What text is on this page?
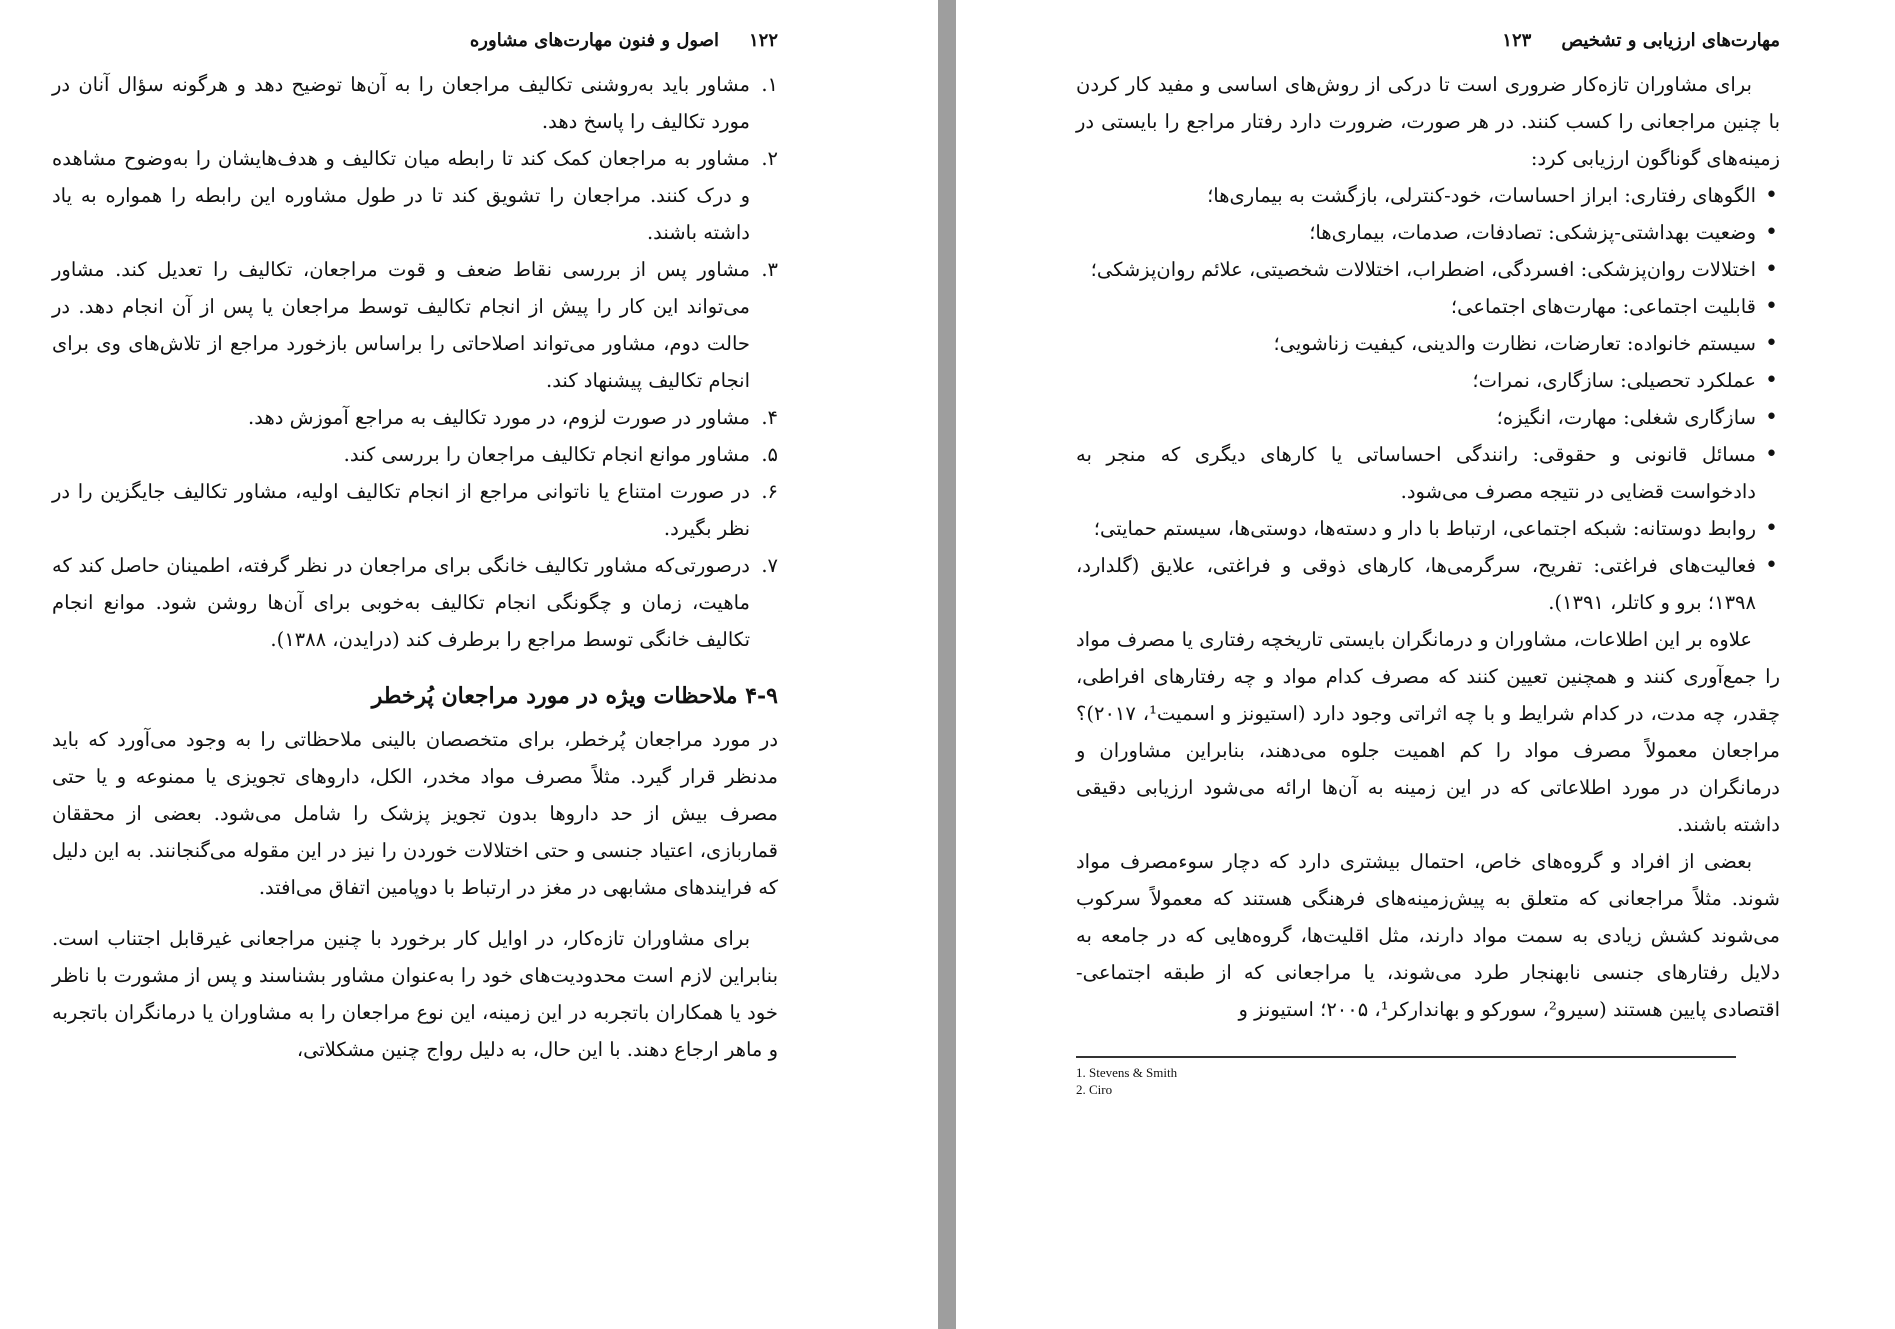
۱۲۲
اصول و فنون مهارت‌های مشاوره

۱.
مشاور باید به‌روشنی تکالیف مراجعان را به آن‌ها توضیح دهد و هرگونه سؤال آنان در مورد تکالیف را پاسخ دهد.

۲.
مشاور به مراجعان کمک کند تا رابطه میان تکالیف و هدف‌هایشان را به‌وضوح مشاهده و درک کنند. مراجعان را تشویق کند تا در طول مشاوره این رابطه را همواره به یاد داشته باشند.

۳.
مشاور پس از بررسی نقاط ضعف و قوت مراجعان، تکالیف را تعدیل کند. مشاور می‌تواند این کار را پیش از انجام تکالیف توسط مراجعان یا پس از آن انجام دهد. در حالت دوم، مشاور می‌تواند اصلاحاتی را براساس بازخورد مراجع از تلاش‌های وی برای انجام تکالیف پیشنهاد کند.

۴.
مشاور در صورت لزوم، در مورد تکالیف به مراجع آموزش دهد.

۵.
مشاور موانع انجام تکالیف مراجعان را بررسی کند.

۶.
در صورت امتناع یا ناتوانی مراجع از انجام تکالیف اولیه، مشاور تکالیف جایگزین را در نظر بگیرد.

۷.
درصورتی‌که مشاور تکالیف خانگی برای مراجعان در نظر گرفته، اطمینان حاصل کند که ماهیت، زمان و چگونگی انجام تکالیف به‌خوبی برای آن‌ها روشن شود. موانع انجام تکالیف خانگی توسط مراجع را برطرف کند (درایدن، ۱۳۸۸).

۴-۹ ملاحظات ویژه در مورد مراجعان پُرخطر

در مورد مراجعان پُرخطر، برای متخصصان بالینی ملاحظاتی را به وجود می‌آورد که باید مدنظر قرار گیرد. مثلاً مصرف مواد مخدر، الکل، داروهای تجویزی یا ممنوعه و یا حتی مصرف بیش از حد داروها بدون تجویز پزشک را شامل می‌شود. بعضی از محققان قماربازی، اعتیاد جنسی و حتی اختلالات خوردن را نیز در این مقوله می‌گنجانند. به این دلیل که فرایندهای مشابهی در مغز در ارتباط با دوپامین اتفاق می‌افتد.

برای مشاوران تازه‌کار، در اوایل کار برخورد با چنین مراجعانی غیرقابل اجتناب است. بنابراین لازم است محدودیت‌های خود را به‌عنوان مشاور بشناسند و پس از مشورت با ناظر خود یا همکاران باتجربه در این زمینه، این نوع مراجعان را به مشاوران یا درمانگران باتجربه و ماهر ارجاع دهند. با این حال، به دلیل رواج چنین مشکلاتی،

مهارت‌های ارزیابی و تشخیص
۱۲۳

برای مشاوران تازه‌کار ضروری است تا درکی از روش‌های اساسی و مفید کار کردن با چنین مراجعانی را کسب کنند. در هر صورت، ضرورت دارد رفتار مراجع را بایستی در زمینه‌های گوناگون ارزیابی کرد:

• الگوهای رفتاری: ابراز احساسات، خود-کنترلی، بازگشت به بیماری‌ها؛

• وضعیت بهداشتی-پزشکی: تصادفات، صدمات، بیماری‌ها؛

• اختلالات روان‌پزشکی: افسردگی، اضطراب، اختلالات شخصیتی، علائم روان‌پزشکی؛

• قابلیت اجتماعی: مهارت‌های اجتماعی؛

• سیستم خانواده: تعارضات، نظارت والدینی، کیفیت زناشویی؛

• عملکرد تحصیلی: سازگاری، نمرات؛

• سازگاری شغلی: مهارت، انگیزه؛

• مسائل قانونی و حقوقی: رانندگی احساساتی یا کارهای دیگری که منجر به دادخواست قضایی در نتیجه مصرف می‌شود.

• روابط دوستانه: شبکه اجتماعی، ارتباط با دار و دسته‌ها، دوستی‌ها، سیستم حمایتی؛

• فعالیت‌های فراغتی: تفریح، سرگرمی‌ها، کارهای ذوقی و فراغتی، علایق (گلدارد، ۱۳۹۸؛ برو و کاتلر، ۱۳۹۱).

علاوه بر این اطلاعات، مشاوران و درمانگران بایستی تاریخچه رفتاری یا مصرف مواد را جمع‌آوری کنند و همچنین تعیین کنند که مصرف کدام مواد و چه رفتارهای افراطی، چقدر، چه مدت، در کدام شرایط و با چه اثراتی وجود دارد (استیونز و اسمیت¹، ۲۰۱۷)؟ مراجعان معمولاً مصرف مواد را کم اهمیت جلوه می‌دهند، بنابراین مشاوران و درمانگران در مورد اطلاعاتی که در این زمینه به آن‌ها ارائه می‌شود ارزیابی دقیقی داشته باشند.

بعضی از افراد و گروه‌های خاص، احتمال بیشتری دارد که دچار سوءمصرف مواد شوند. مثلاً مراجعانی که متعلق به پیش‌زمینه‌های فرهنگی هستند که معمولاً سرکوب می‌شوند کشش زیادی به سمت مواد دارند، مثل اقلیت‌ها، گروه‌هایی که در جامعه به دلایل رفتارهای جنسی نابهنجار طرد می‌شوند، یا مراجعانی که از طبقه اجتماعی-اقتصادی پایین هستند (سیرو²، سورکو و بهاندارکر¹، ۲۰۰۵؛ استیونز و

1. Stevens & Smith
2. Ciro
